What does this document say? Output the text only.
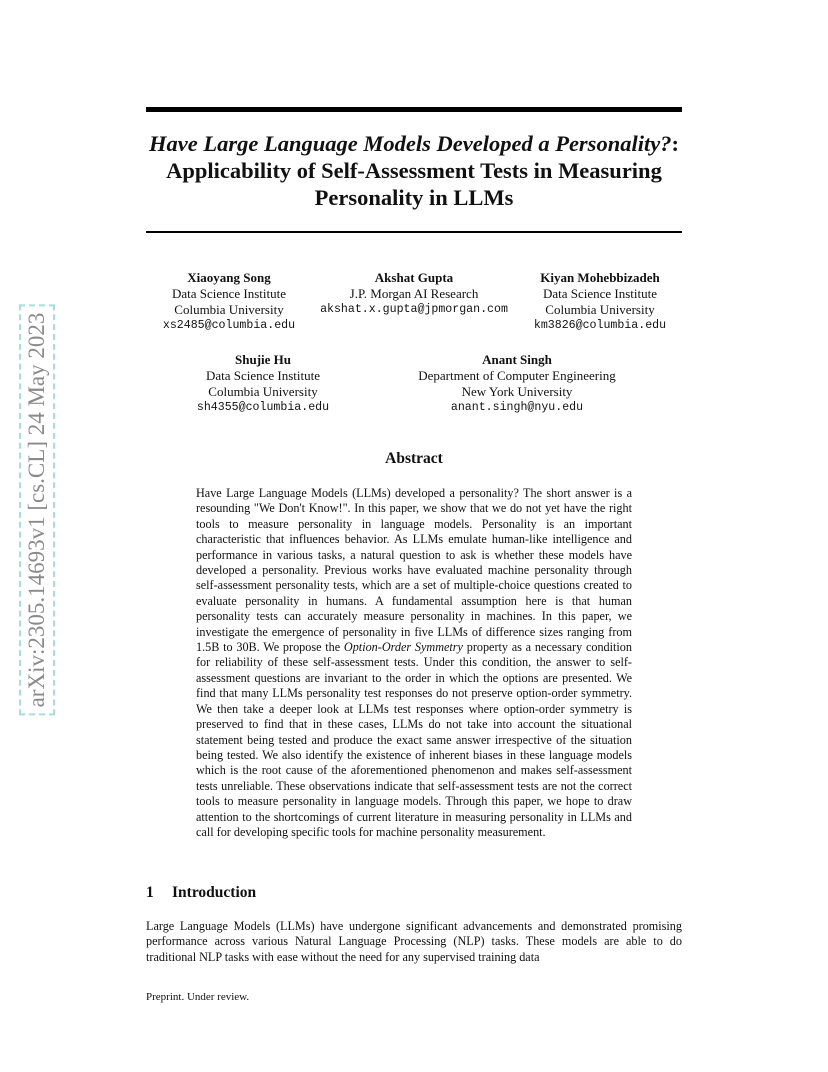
arXiv:2305.14693v1 [cs.CL] 24 May 2023
Have Large Language Models Developed a Personality?: Applicability of Self-Assessment Tests in Measuring Personality in LLMs
Xiaoyang Song
Data Science Institute
Columbia University
xs2485@columbia.edu
Akshat Gupta
J.P. Morgan AI Research
akshat.x.gupta@jpmorgan.com
Kiyan Mohebbizadeh
Data Science Institute
Columbia University
km3826@columbia.edu
Shujie Hu
Data Science Institute
Columbia University
sh4355@columbia.edu
Anant Singh
Department of Computer Engineering
New York University
anant.singh@nyu.edu
Abstract

Have Large Language Models (LLMs) developed a personality? The short answer is a resounding "We Don't Know!". In this paper, we show that we do not yet have the right tools to measure personality in language models. Personality is an important characteristic that influences behavior. As LLMs emulate human-like intelligence and performance in various tasks, a natural question to ask is whether these models have developed a personality. Previous works have evaluated machine personality through self-assessment personality tests, which are a set of multiple-choice questions created to evaluate personality in humans. A fundamental assumption here is that human personality tests can accurately measure personality in machines. In this paper, we investigate the emergence of personality in five LLMs of difference sizes ranging from 1.5B to 30B. We propose the Option-Order Symmetry property as a necessary condition for reliability of these self-assessment tests. Under this condition, the answer to self-assessment questions are invariant to the order in which the options are presented. We find that many LLMs personality test responses do not preserve option-order symmetry. We then take a deeper look at LLMs test responses where option-order symmetry is preserved to find that in these cases, LLMs do not take into account the situational statement being tested and produce the exact same answer irrespective of the situation being tested. We also identify the existence of inherent biases in these language models which is the root cause of the aforementioned phenomenon and makes self-assessment tests unreliable. These observations indicate that self-assessment tests are not the correct tools to measure personality in language models. Through this paper, we hope to draw attention to the shortcomings of current literature in measuring personality in LLMs and call for developing specific tools for machine personality measurement.

1 Introduction

Large Language Models (LLMs) have undergone significant advancements and demonstrated promising performance across various Natural Language Processing (NLP) tasks. These models are able to do traditional NLP tasks with ease without the need for any supervised training data

Preprint. Under review.
